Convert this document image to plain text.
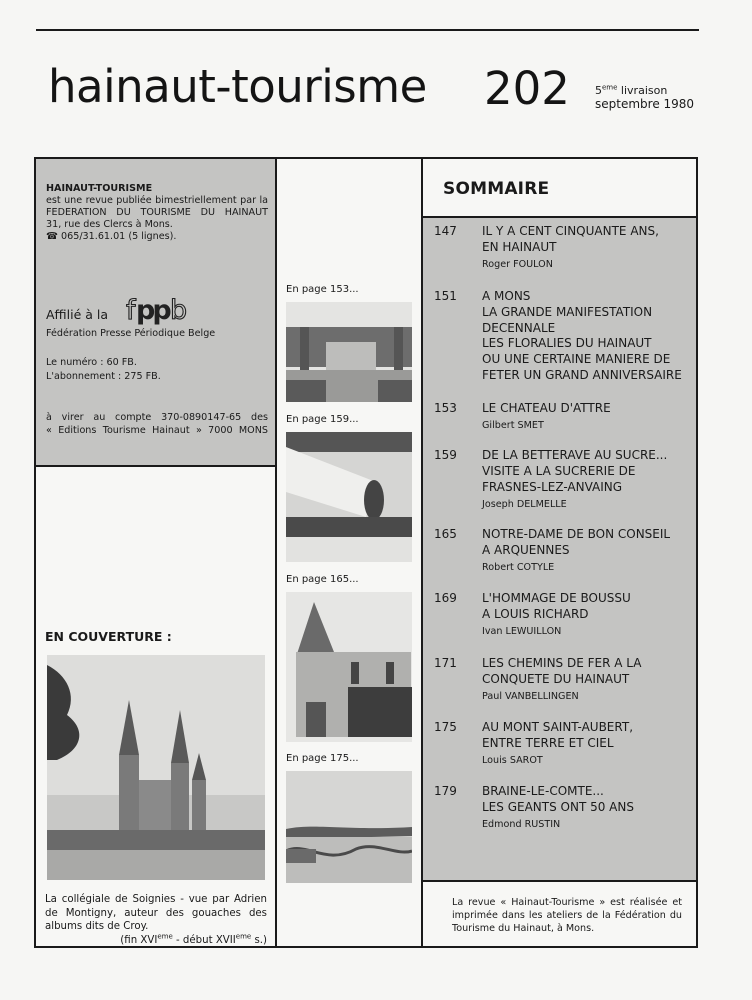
hainaut-tourisme 202 5eme livraison
septembre 1980
HAINAUT-TOURISME
est une revue publiée bimestriellement par la
FEDERATION DU TOURISME DU HAINAUT
31, rue des Clercs à Mons.
☎ 065/31.61.01 (5 lignes).
Affilié à la f pp b
Fédération Presse Périodique Belge
Le numéro : 60 FB.
L'abonnement : 275 FB.
à virer au compte 370-0890147-65 des
« Editions Tourisme Hainaut » 7000 MONS
EN COUVERTURE :
La collégiale de Soignies - vue par Adrien
de Montigny, auteur des gouaches des
albums dits de Croy.
(fin XVIeme - début XVIIeme s.)
En page 153...
En page 159...
En page 165...
En page 175...
SOMMAIRE
147 IL Y A CENT CINQUANTE ANS,
EN HAINAUT
Roger FOULON
151 A MONS
LA GRANDE MANIFESTATION
DECENNALE
LES FLORALIES DU HAINAUT
OU UNE CERTAINE MANIERE DE
FETER UN GRAND ANNIVERSAIRE
153 LE CHATEAU D'ATTRE
Gilbert SMET
159 DE LA BETTERAVE AU SUCRE...
VISITE A LA SUCRERIE DE
FRASNES-LEZ-ANVAING
Joseph DELMELLE
165 NOTRE-DAME DE BON CONSEIL
A ARQUENNES
Robert COTYLE
169 L'HOMMAGE DE BOUSSU
A LOUIS RICHARD
Ivan LEWUILLON
171 LES CHEMINS DE FER A LA
CONQUETE DU HAINAUT
Paul VANBELLINGEN
175 AU MONT SAINT-AUBERT,
ENTRE TERRE ET CIEL
Louis SAROT
179 BRAINE-LE-COMTE...
LES GEANTS ONT 50 ANS
Edmond RUSTIN
La revue « Hainaut-Tourisme » est réalisée et
imprimée dans les ateliers de la Fédération du
Tourisme du Hainaut, à Mons.
